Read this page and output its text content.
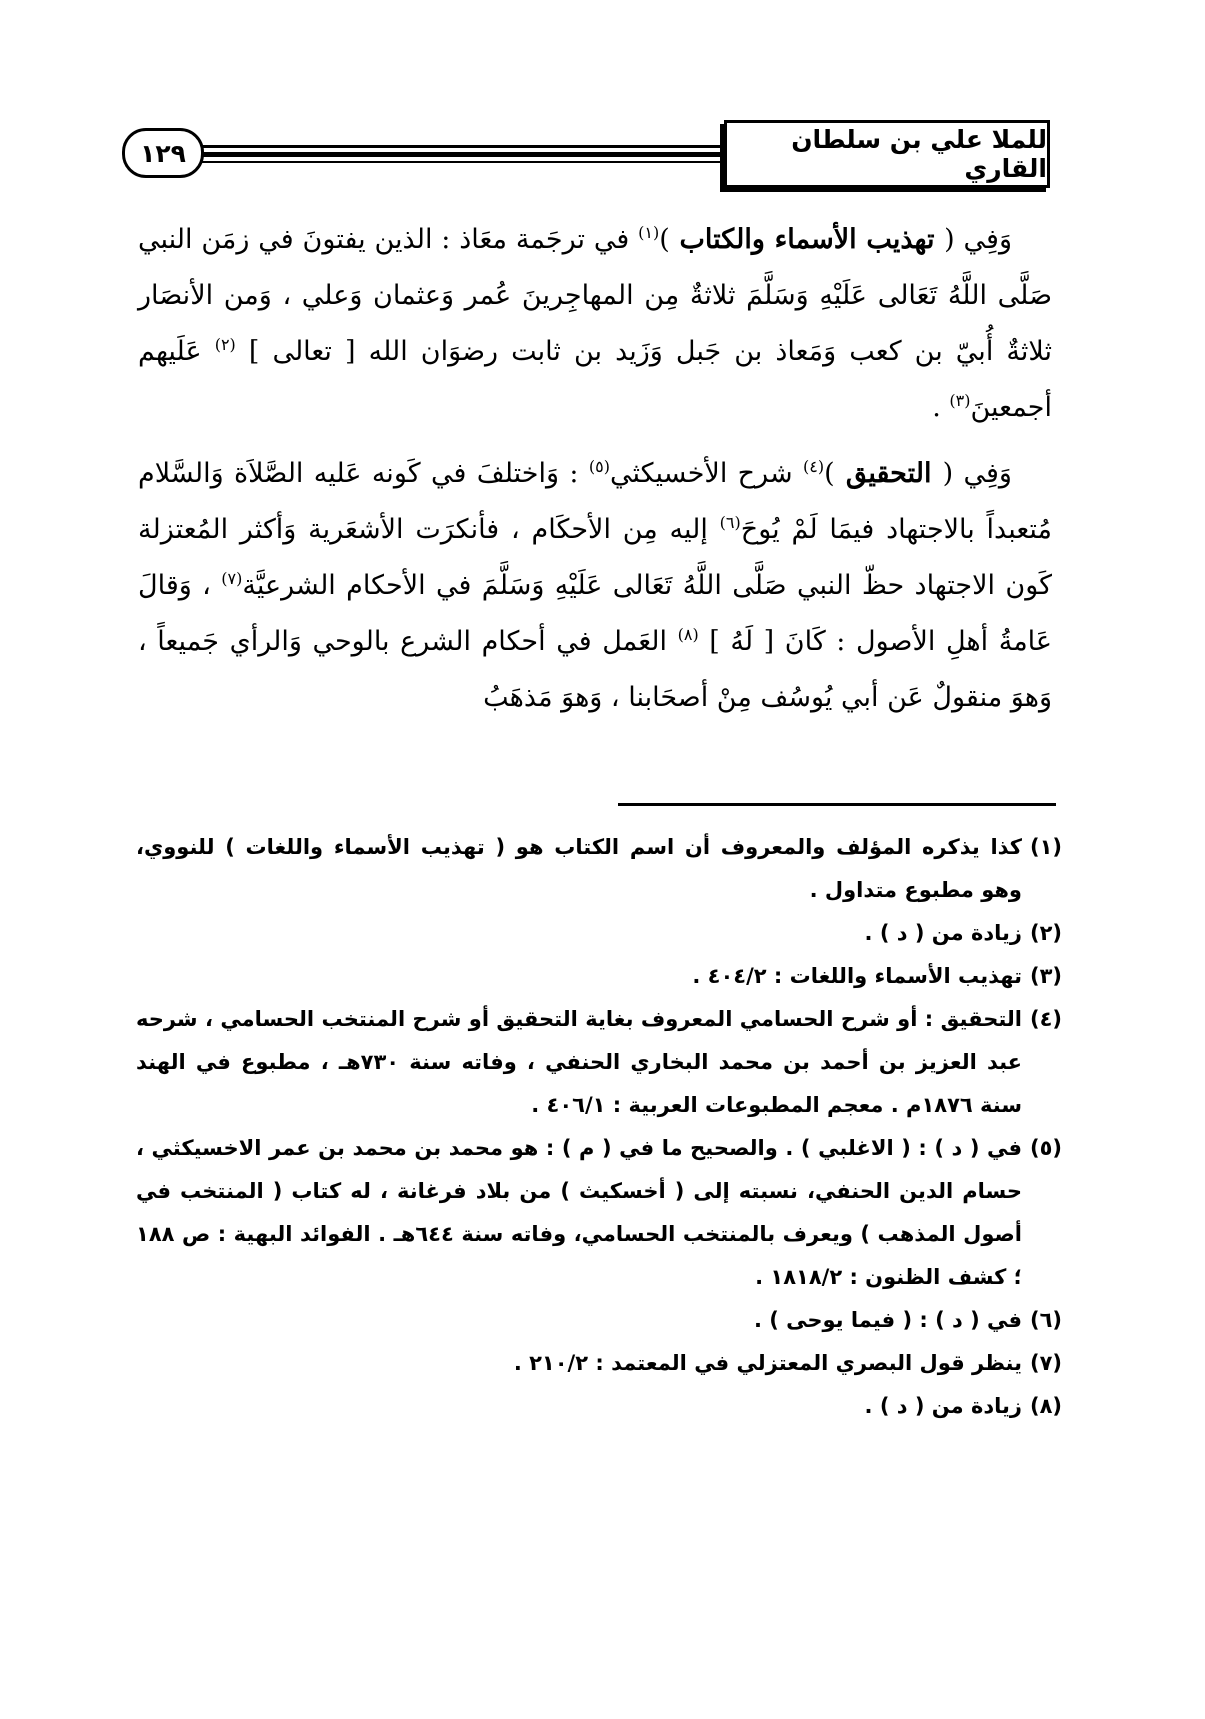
للملا علي بن سلطان القاري
١٢٩

وَفِي ( تهذيب الأسماء والكتاب )$^{(١)}$ في ترجَمة معَاذ : الذين يفتونَ في زمَن النبي صَلَّى اللَّهُ تَعَالى عَلَيْهِ وَسَلَّمَ ثلاثةٌ مِن المهاجِرينَ عُمر وَعثمان وَعلي ، وَمن الأنصَار ثلاثةٌ أُبيّ بن كعب وَمَعاذ بن جَبل وَزَيد بن ثابت رضوَان الله [ تعالى ] $^{(٢)}$ عَلَيهم أجمعينَ$^{(٣)}$ .

وَفِي ( التحقيق )$^{(٤)}$ شرح الأخسيكثي$^{(٥)}$ : وَاختلفَ في كَونه عَليه الصَّلاَة وَالسَّلام مُتعبداً بالاجتهاد فيمَا لَمْ يُوحَ$^{(٦)}$ إليه مِن الأحكَام ، فأنكرَت الأشعَرية وَأكثر المُعتزلة كَون الاجتهاد حظّ النبي صَلَّى اللَّهُ تَعَالى عَلَيْهِ وَسَلَّمَ في الأحكام الشرعيَّة$^{(٧)}$ ، وَقالَ عَامةُ أهلِ الأصول : كَانَ [ لَهُ ] $^{(٨)}$ العَمل في أحكام الشرع بالوحي وَالرأي جَميعاً ، وَهوَ منقولٌ عَن أبي يُوسُف مِنْ أصحَابنا ، وَهوَ مَذهَبُ

(١)
كذا يذكره المؤلف والمعروف أن اسم الكتاب هو ( تهذيب الأسماء واللغات ) للنووي، وهو مطبوع متداول .
(٢)
زيادة من ( د ) .
(٣)
تهذيب الأسماء واللغات : ٤٠٤/٢ .
(٤)
التحقيق : أو شرح الحسامي المعروف بغاية التحقيق أو شرح المنتخب الحسامي ، شرحه عبد العزيز بن أحمد بن محمد البخاري الحنفي ، وفاته سنة ٧٣٠هـ ، مطبوع في الهند سنة ١٨٧٦م . معجم المطبوعات العربية : ٤٠٦/١ .
(٥)
في ( د ) : ( الاغلبي ) . والصحيح ما في ( م ) : هو محمد بن محمد بن عمر الاخسيكثي ، حسام الدين الحنفي، نسبته إلى ( أخسكيث ) من بلاد فرغانة ، له كتاب ( المنتخب في أصول المذهب ) ويعرف بالمنتخب الحسامي، وفاته سنة ٦٤٤هـ . الفوائد البهية : ص ١٨٨ ؛ كشف الظنون : ١٨١٨/٢ .
(٦)
في ( د ) : ( فيما يوحى ) .
(٧)
ينظر قول البصري المعتزلي في المعتمد : ٢١٠/٢ .
(٨)
زيادة من ( د ) .
